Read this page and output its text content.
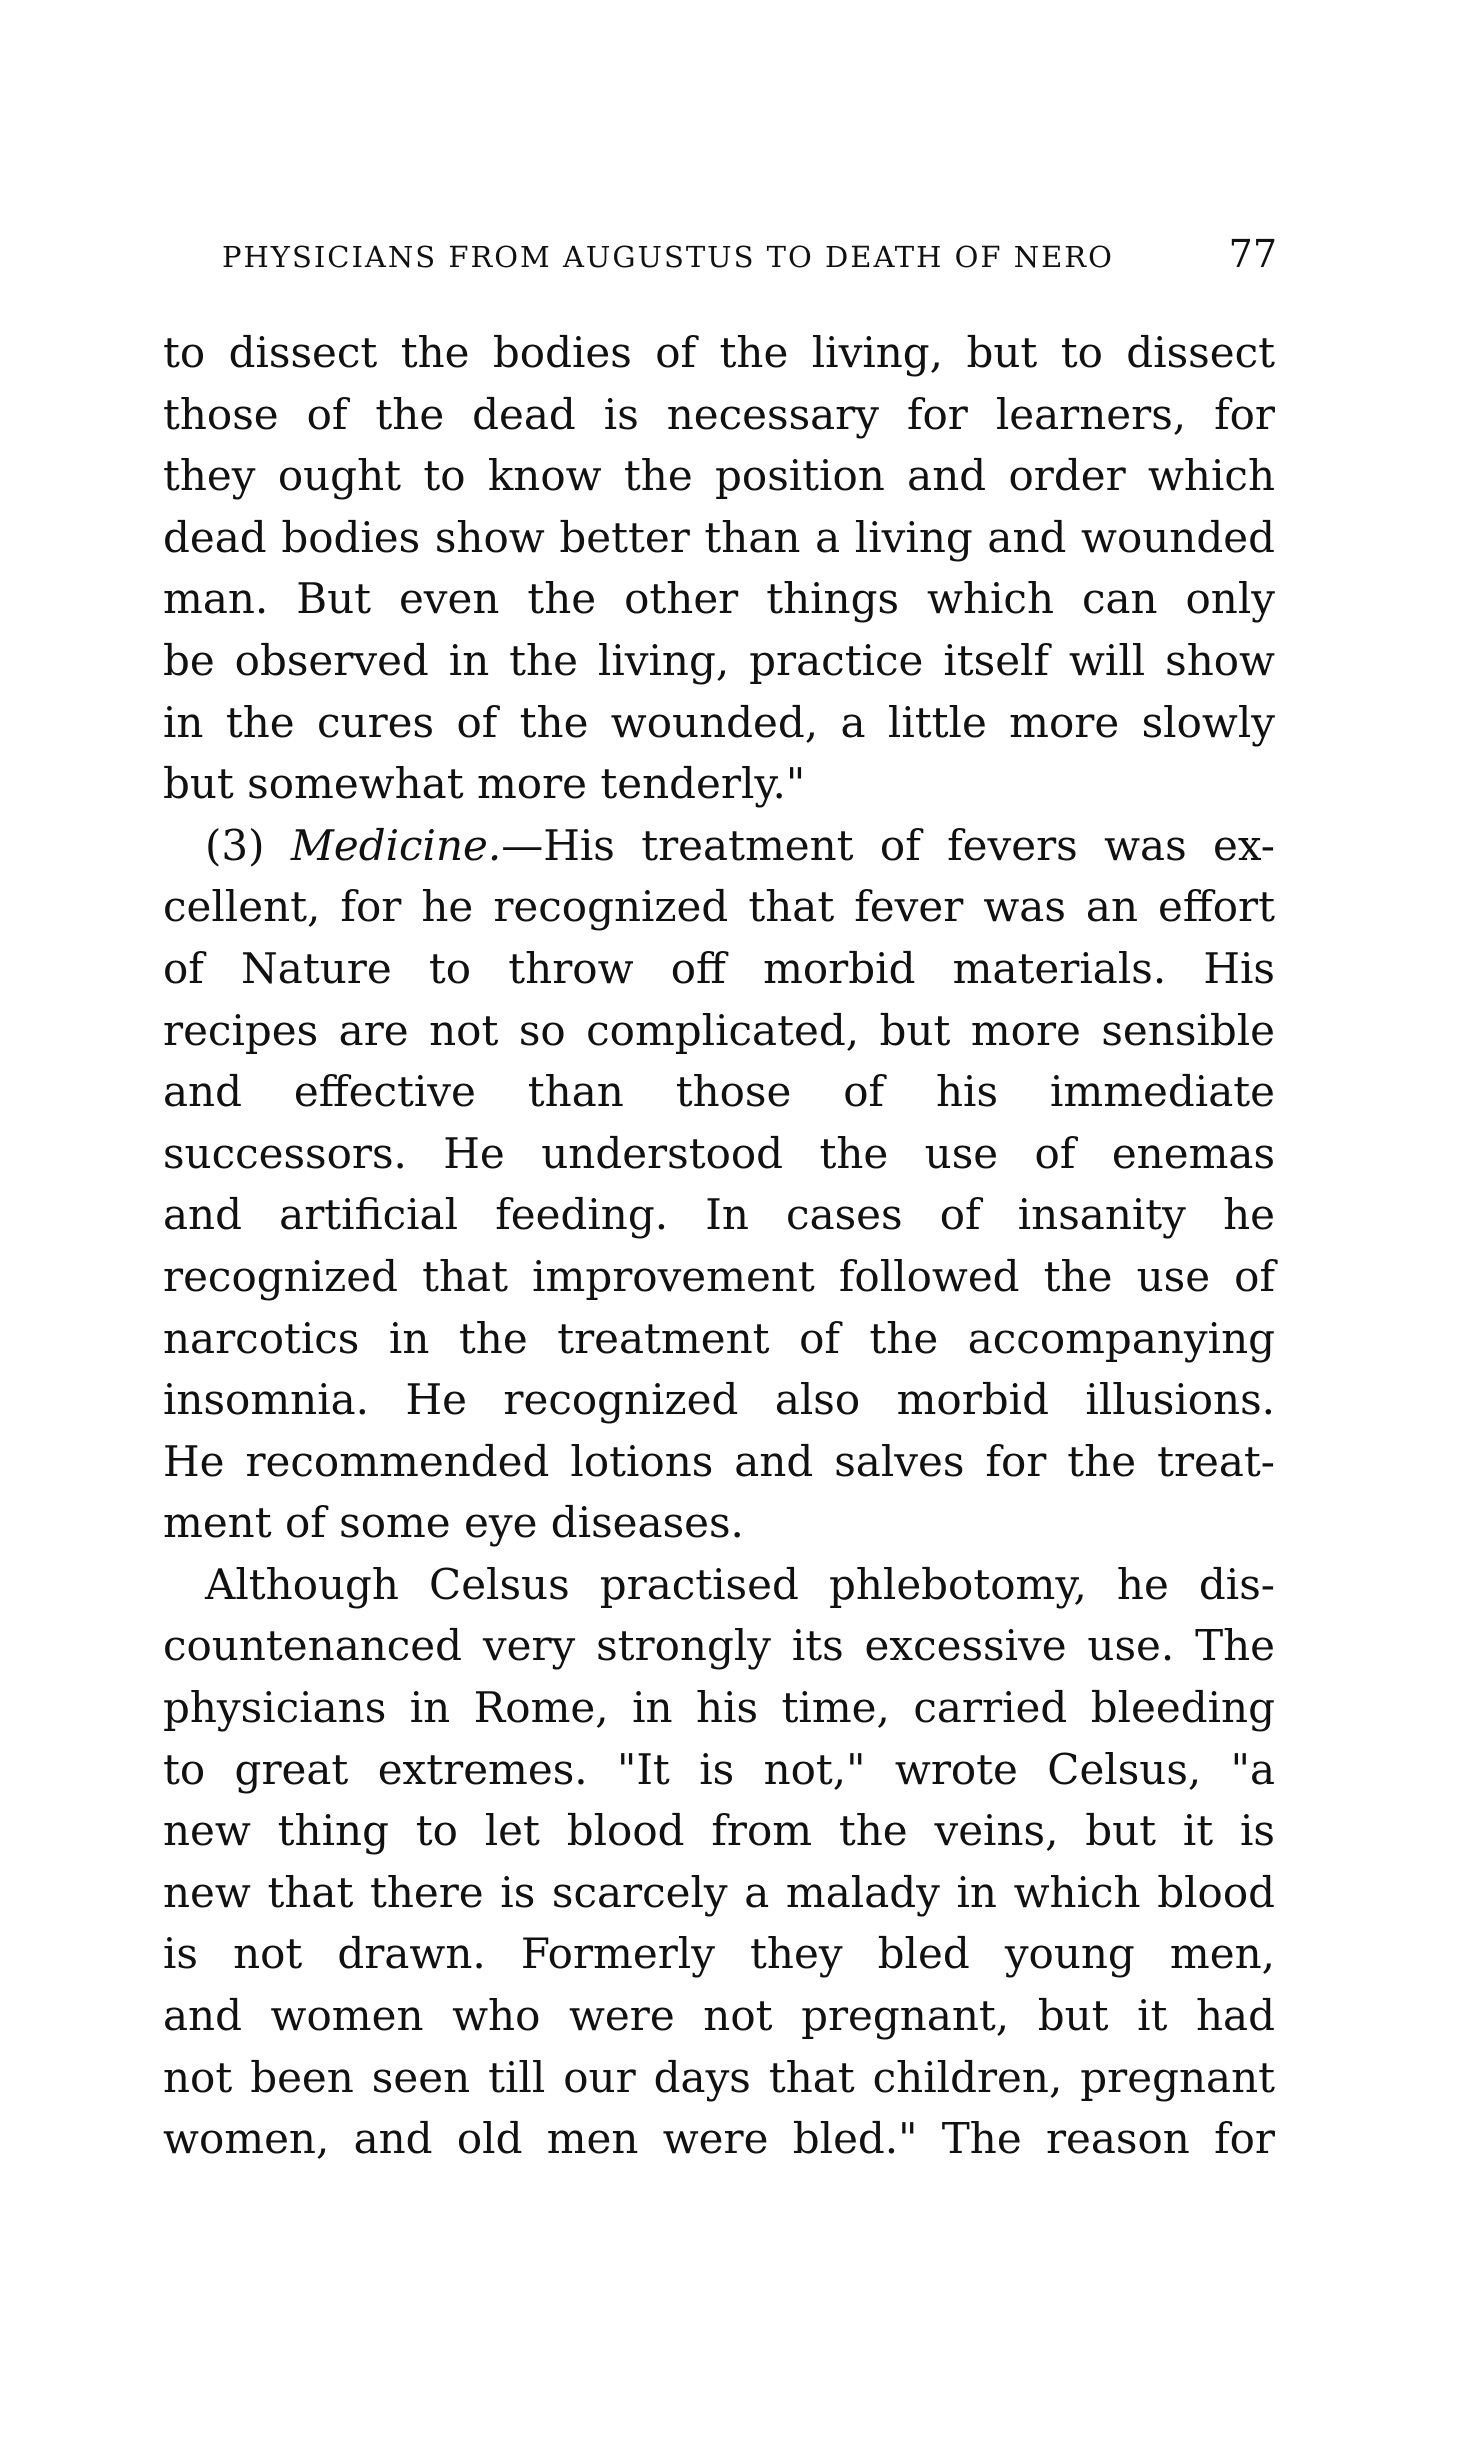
PHYSICIANS FROM AUGUSTUS TO DEATH OF NERO	77
to dissect the bodies of the living, but to dissect
those of the dead is necessary for learners, for
they ought to know the position and order which
dead bodies show better than a living and wounded
man. But even the other things which can only
be observed in the living, practice itself will show
in the cures of the wounded, a little more slowly
but somewhat more tenderly."
(3) Medicine.—His treatment of fevers was ex-
cellent, for he recognized that fever was an effort
of Nature to throw off morbid materials. His
recipes are not so complicated, but more sensible
and effective than those of his immediate
successors. He understood the use of enemas
and artificial feeding. In cases of insanity he
recognized that improvement followed the use of
narcotics in the treatment of the accompanying
insomnia. He recognized also morbid illusions.
He recommended lotions and salves for the treat-
ment of some eye diseases.
Although Celsus practised phlebotomy, he dis-
countenanced very strongly its excessive use. The
physicians in Rome, in his time, carried bleeding
to great extremes. "It is not," wrote Celsus, "a
new thing to let blood from the veins, but it is
new that there is scarcely a malady in which blood
is not drawn. Formerly they bled young men,
and women who were not pregnant, but it had
not been seen till our days that children, pregnant
women, and old men were bled." The reason for
